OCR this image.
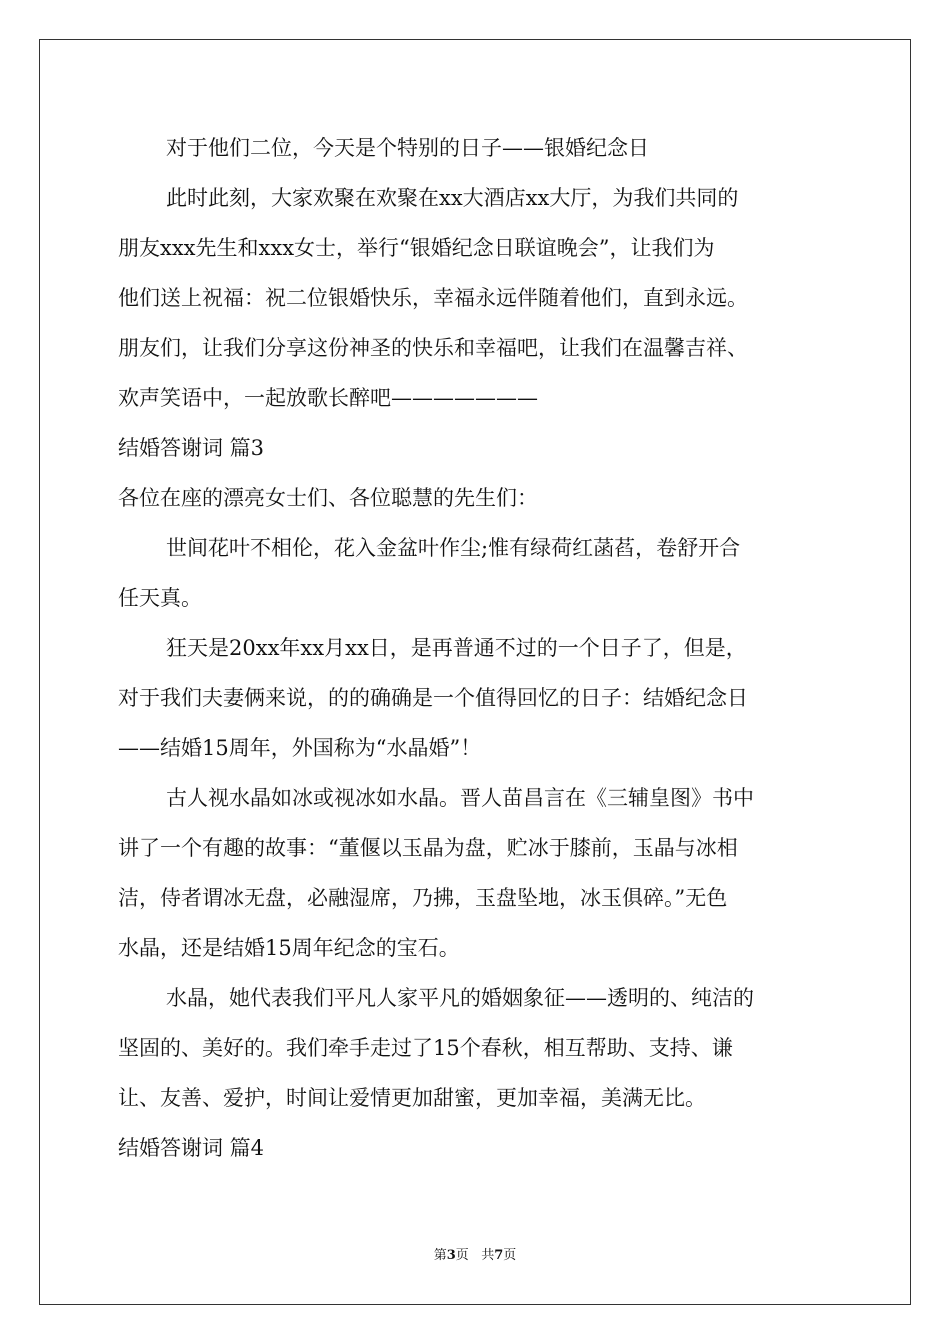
对于他们二位，今天是个特别的日子——银婚纪念日

此时此刻，大家欢聚在欢聚在xx大酒店xx大厅，为我们共同的

朋友xxx先生和xxx女士，举行“银婚纪念日联谊晚会”，让我们为

他们送上祝福：祝二位银婚快乐，幸福永远伴随着他们，直到永远。

朋友们，让我们分享这份神圣的快乐和幸福吧，让我们在温馨吉祥、

欢声笑语中，一起放歌长醉吧———————

结婚答谢词 篇3

各位在座的漂亮女士们、各位聪慧的先生们：

世间花叶不相伦，花入金盆叶作尘;惟有绿荷红菡萏，卷舒开合

任天真。

狂天是20xx年xx月xx日，是再普通不过的一个日子了，但是，

对于我们夫妻俩来说，的的确确是一个值得回忆的日子：结婚纪念日

——结婚15周年，外国称为“水晶婚”！

古人视水晶如冰或视冰如水晶。晋人苗昌言在《三辅皇图》书中

讲了一个有趣的故事：“董偃以玉晶为盘，贮冰于膝前，玉晶与冰相

洁，侍者谓冰无盘，必融湿席，乃拂，玉盘坠地，冰玉俱碎。”无色

水晶，还是结婚15周年纪念的宝石。

水晶，她代表我们平凡人家平凡的婚姻象征——透明的、纯洁的

坚固的、美好的。我们牵手走过了15个春秋，相互帮助、支持、谦

让、友善、爱护，时间让爱情更加甜蜜，更加幸福，美满无比。

结婚答谢词 篇4

第3页 共7页
